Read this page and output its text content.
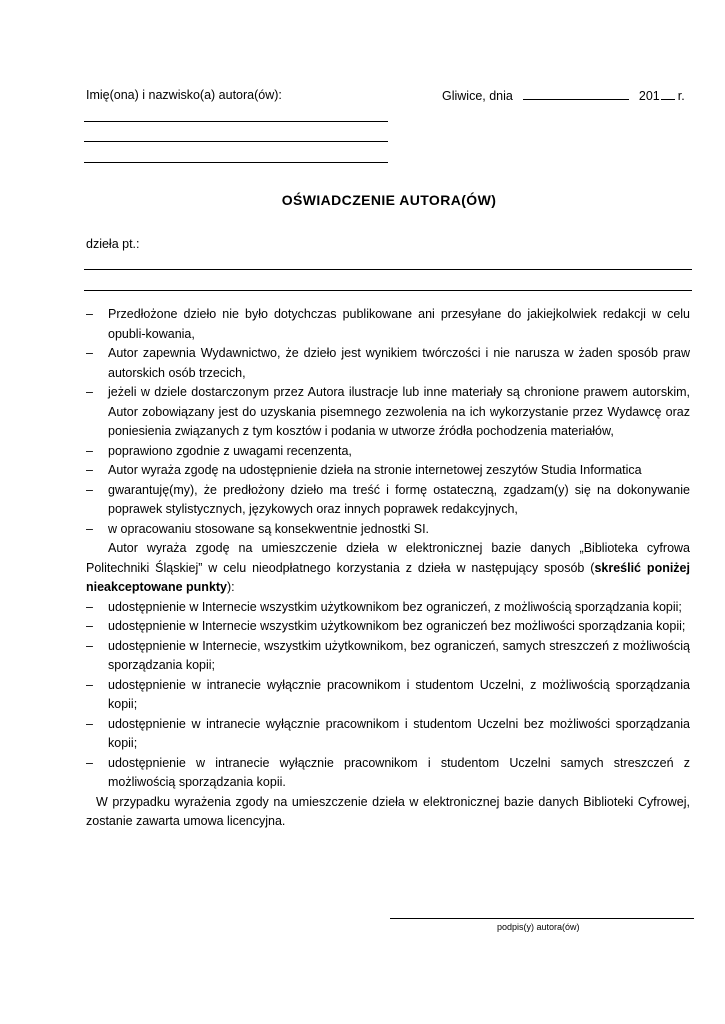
Imię(ona) i nazwisko(a) autora(ów):	Gliwice, dnia	201 r.
OŚWIADCZENIE AUTORA(ÓW)
dzieła pt.:

– Przedłożone dzieło nie było dotychczas publikowane ani przesyłane do jakiejkolwiek redakcji w celu opubli-kowania,

– Autor zapewnia Wydawnictwo, że dzieło jest wynikiem twórczości i nie narusza w żaden sposób praw autorskich osób trzecich,

– jeżeli w dziele dostarczonym przez Autora ilustracje lub inne materiały są chronione prawem autorskim, Autor zobowiązany jest do uzyskania pisemnego zezwolenia na ich wykorzystanie przez Wydawcę oraz poniesienia związanych z tym kosztów i podania w utworze źródła pochodzenia materiałów,

– poprawiono zgodnie z uwagami recenzenta,

– Autor wyraża zgodę na udostępnienie dzieła na stronie internetowej zeszytów Studia Informatica

– gwarantuję(my), że predłożony dzieło ma treść i formę ostateczną, zgadzam(y) się na dokonywanie poprawek stylistycznych, językowych oraz innych poprawek redakcyjnych,

– w opracowaniu stosowane są konsekwentnie jednostki SI.

Autor wyraża zgodę na umieszczenie dzieła w elektronicznej bazie danych „Biblioteka cyfrowa Politechniki Śląskiej” w celu nieodpłatnego korzystania z dzieła w następujący sposób (skreślić poniżej nieakceptowane punkty):

– udostępnienie w Internecie wszystkim użytkownikom bez ograniczeń, z możliwością sporządzania kopii;

– udostępnienie w Internecie wszystkim użytkownikom bez ograniczeń bez możliwości sporządzania kopii;

– udostępnienie w Internecie, wszystkim użytkownikom, bez ograniczeń, samych streszczeń z możliwością sporządzania kopii;

– udostępnienie w intranecie wyłącznie pracownikom i studentom Uczelni, z możliwością sporządzania kopii;

– udostępnienie w intranecie wyłącznie pracownikom i studentom Uczelni bez możliwości sporządzania kopii;

– udostępnienie w intranecie wyłącznie pracownikom i studentom Uczelni samych streszczeń z możliwością sporządzania kopii.

W przypadku wyrażenia zgody na umieszczenie dzieła w elektronicznej bazie danych Biblioteki Cyfrowej, zostanie zawarta umowa licencyjna.

podpis(y) autora(ów)
